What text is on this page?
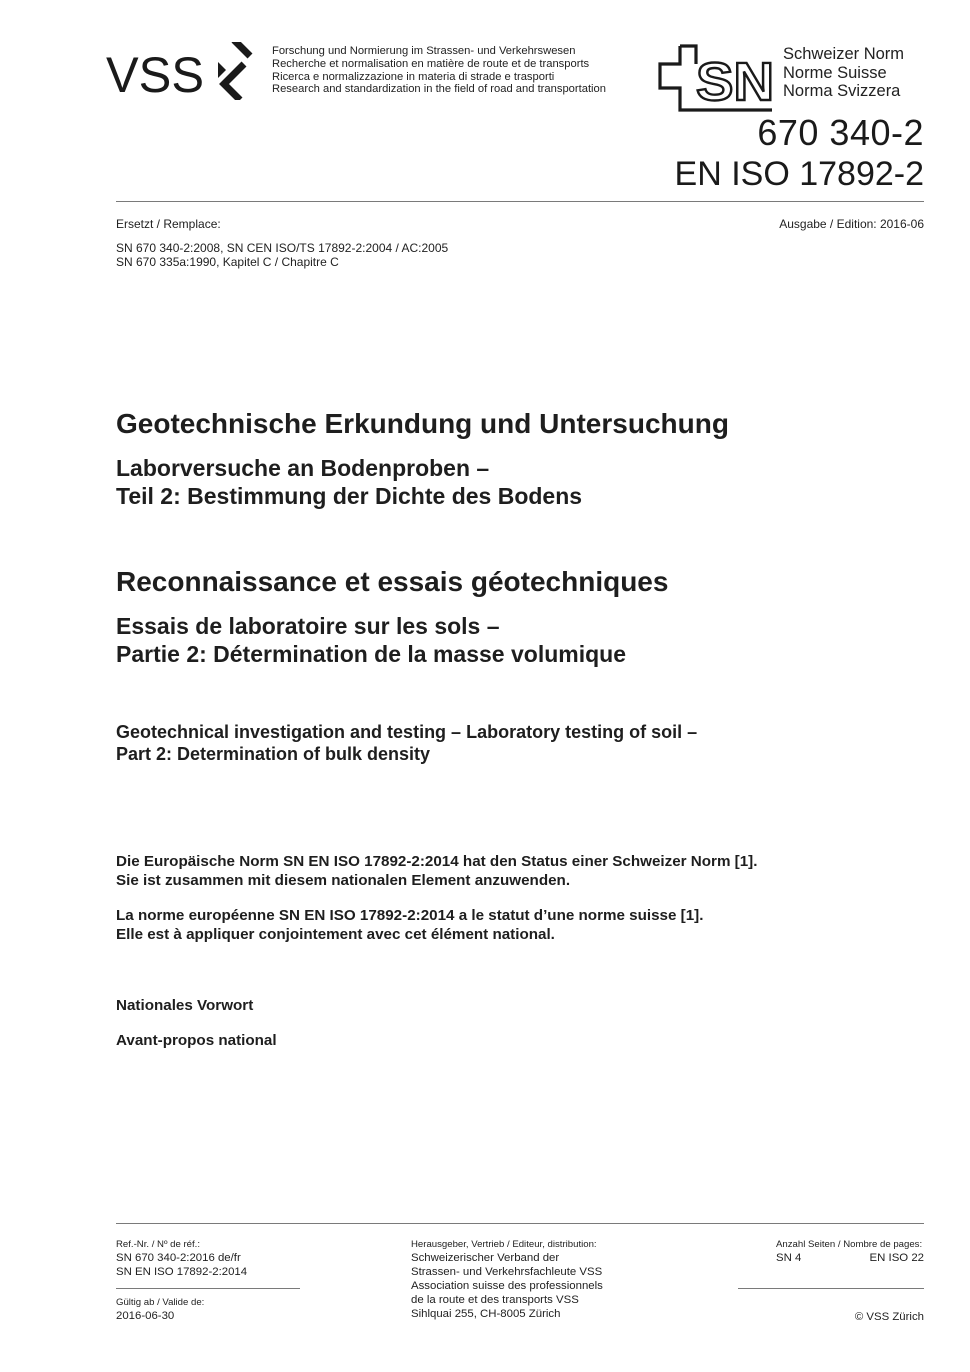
VSS	Forschung und Normierung im Strassen- und Verkehrswesen
Recherche et normalisation en matière de route et de transports
Ricerca e normalizzazione in materia di strade e trasporti
Research and standardization in the field of road and transportation SN Schweizer Norm
Norme Suisse
Norma Svizzera
670 340-2
EN ISO 17892-2
Ersetzt / Remplace:	Ausgabe / Edition: 2016-06
SN 670 340-2:2008, SN CEN ISO/TS 17892-2:2004 / AC:2005
SN 670 335a:1990, Kapitel C / Chapitre C
Geotechnische Erkundung und Untersuchung
Laborversuche an Bodenproben –
Teil 2: Bestimmung der Dichte des Bodens
Reconnaissance et essais géotechniques
Essais de laboratoire sur les sols –
Partie 2: Détermination de la masse volumique
Geotechnical investigation and testing – Laboratory testing of soil –
Part 2: Determination of bulk density
Die Europäische Norm SN EN ISO 17892-2:2014 hat den Status einer Schweizer Norm [1].
Sie ist zusammen mit diesem nationalen Element anzuwenden.
La norme européenne SN EN ISO 17892-2:2014 a le statut d’une norme suisse [1].
Elle est à appliquer conjointement avec cet élément national.
Nationales Vorwort
Avant-propos national
Ref.-Nr. / Nº de réf.:
SN 670 340-2:2016 de/fr
SN EN ISO 17892-2:2014
Gültig ab / Valide de:
2016-06-30
Herausgeber, Vertrieb / Editeur, distribution:
Schweizerischer Verband der
Strassen- und Verkehrsfachleute VSS
Association suisse des professionnels
de la route et des transports VSS
Sihlquai 255, CH-8005 Zürich
Anzahl Seiten / Nombre de pages:
SN 4	EN ISO 22
© VSS Zürich
